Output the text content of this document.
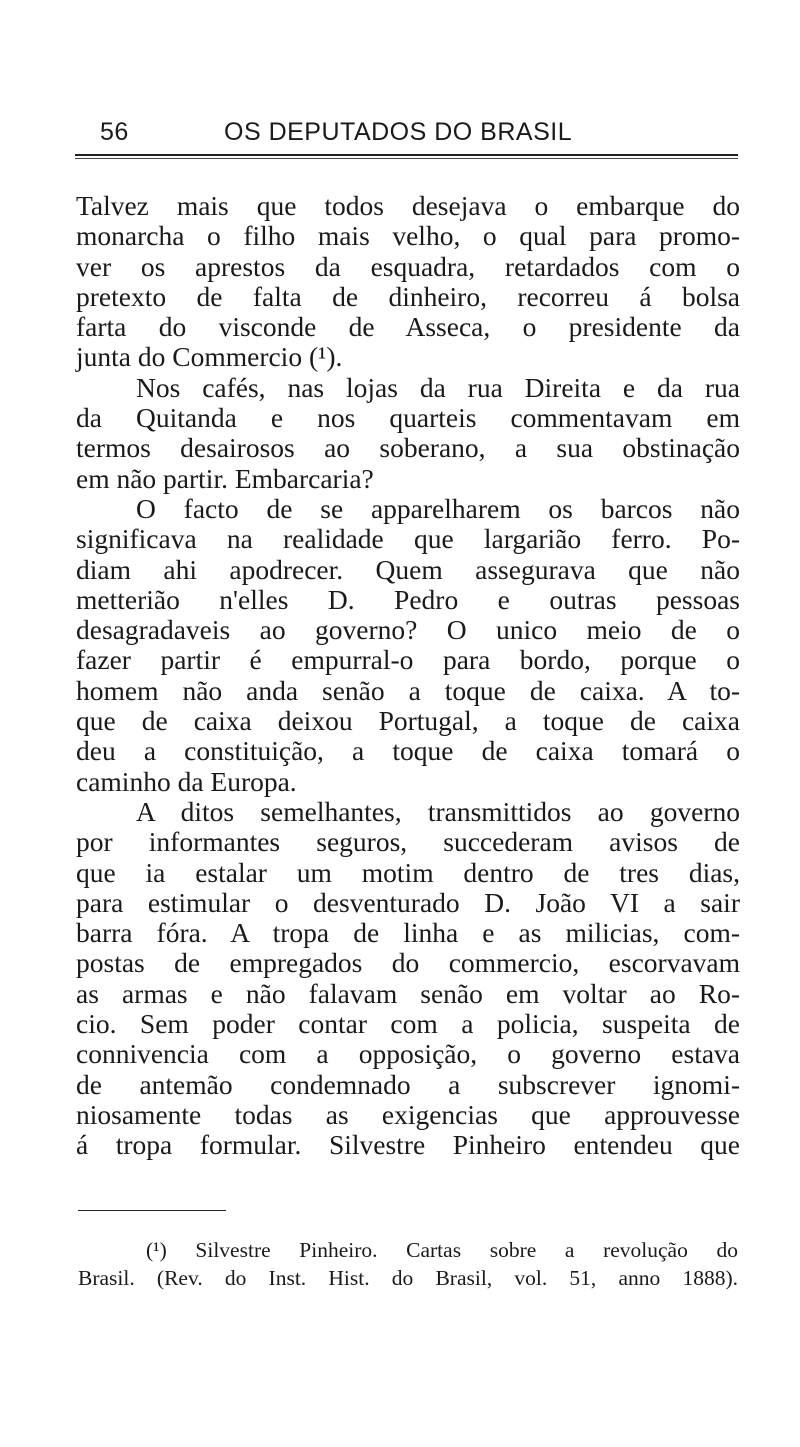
56	OS DEPUTADOS DO BRASIL
Talvez mais que todos desejava o embarque do
monarcha o filho mais velho, o qual para promo-
ver os aprestos da esquadra, retardados com o
pretexto de falta de dinheiro, recorreu á bolsa
farta do visconde de Asseca, o presidente da
junta do Commercio (¹).
Nos cafés, nas lojas da rua Direita e da rua
da Quitanda e nos quarteis commentavam em
termos desairosos ao soberano, a sua obstinação
em não partir. Embarcaria?
O facto de se apparelharem os barcos não
significava na realidade que largarião ferro. Po-
diam ahi apodrecer. Quem assegurava que não
metterião n'elles D. Pedro e outras pessoas
desagradaveis ao governo? O unico meio de o
fazer partir é empurral-o para bordo, porque o
homem não anda senão a toque de caixa. A to-
que de caixa deixou Portugal, a toque de caixa
deu a constituição, a toque de caixa tomará o
caminho da Europa.
A ditos semelhantes, transmittidos ao governo
por informantes seguros, succederam avisos de
que ia estalar um motim dentro de tres dias,
para estimular o desventurado D. João VI a sair
barra fóra. A tropa de linha e as milicias, com-
postas de empregados do commercio, escorvavam
as armas e não falavam senão em voltar ao Ro-
cio. Sem poder contar com a policia, suspeita de
connivencia com a opposição, o governo estava
de antemão condemnado a subscrever ignomi-
niosamente todas as exigencias que approuvesse
á tropa formular. Silvestre Pinheiro entendeu que
(¹) Silvestre Pinheiro. Cartas sobre a revolução do
Brasil. (Rev. do Inst. Hist. do Brasil, vol. 51, anno 1888).
